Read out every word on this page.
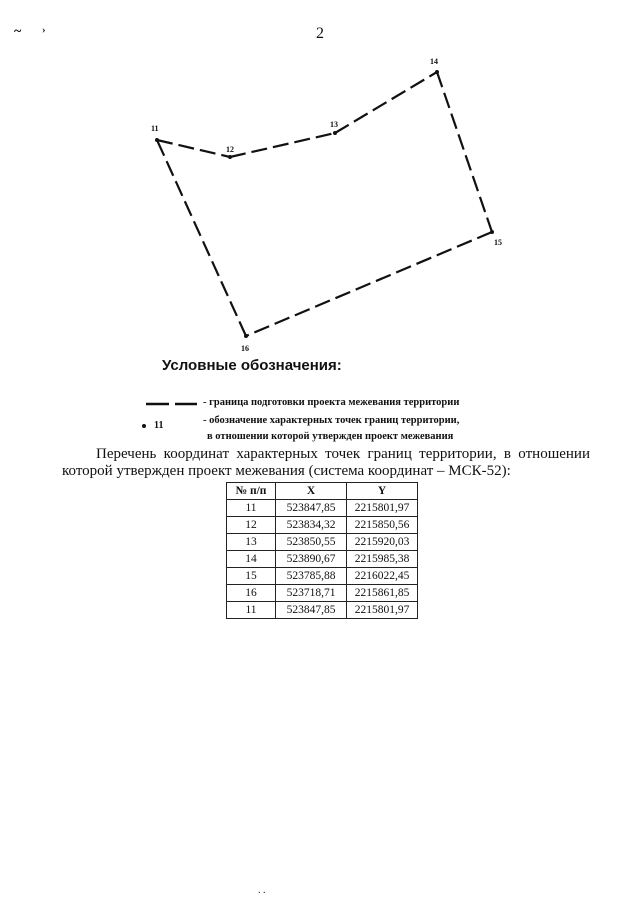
~ ›	2
11
12
13
14
15
16
Условные обозначения:
- граница подготовки проекта межевания территории
11	- обозначение характерных точек границ территории,
в отношении которой утвержден проект межевания
Перечень координат характерных точек границ территории, в отношении которой утвержден проект межевания (система координат – МСК-52):
№ п/п	X	Y
11	523847,85	2215801,97
12	523834,32	2215850,56
13	523850,55	2215920,03
14	523890,67	2215985,38
15	523785,88	2216022,45
16	523718,71	2215861,85
11	523847,85	2215801,97
. .
